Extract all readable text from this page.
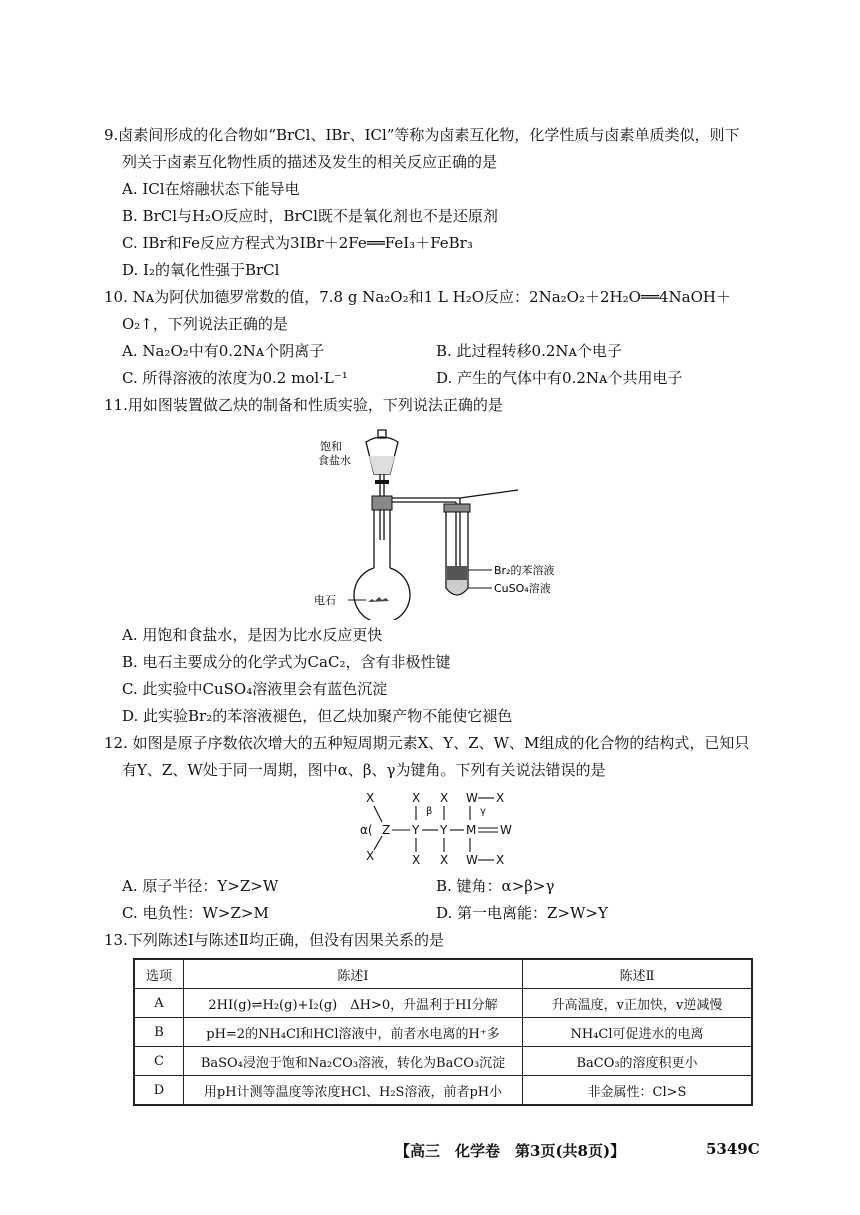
9.卤素间形成的化合物如“BrCl、IBr、ICl”等称为卤素互化物，化学性质与卤素单质类似，则下
列关于卤素互化物性质的描述及发生的相关反应正确的是
A. ICl在熔融状态下能导电
B. BrCl与H₂O反应时，BrCl既不是氧化剂也不是还原剂
C. IBr和Fe反应方程式为3IBr＋2Fe══FeI₃＋FeBr₃
D. I₂的氧化性强于BrCl
10. Nᴀ为阿伏加德罗常数的值，7.8 g Na₂O₂和1 L H₂O反应：2Na₂O₂＋2H₂O══4NaOH＋
O₂↑，下列说法正确的是
A. Na₂O₂中有0.2Nᴀ个阴离子	B. 此过程转移0.2Nᴀ个电子
C. 所得溶液的浓度为0.2 mol·L⁻¹	D. 产生的气体中有0.2Nᴀ个共用电子
11.用如图装置做乙炔的制备和性质实验，下列说法正确的是
饱和
食盐水
电石
Br₂的苯溶液
CuSO₄溶液
A. 用饱和食盐水，是因为比水反应更快
B. 电石主要成分的化学式为CaC₂，含有非极性键
C. 此实验中CuSO₄溶液里会有蓝色沉淀
D. 此实验Br₂的苯溶液褪色，但乙炔加聚产物不能使它褪色
12. 如图是原子序数依次增大的五种短周期元素X、Y、Z、W、M组成的化合物的结构式，已知只
有Y、Z、W处于同一周期，图中α、β、γ为键角。下列有关说法错误的是
X
α( Z
X
X
Y
X
X
Y
X
W
M
W
X
W
X
β	γ
A. 原子半径：Y>Z>W	B. 键角：α>β>γ
C. 电负性：W>Z>M	D. 第一电离能：Z>W>Y
13.下列陈述Ⅰ与陈述Ⅱ均正确，但没有因果关系的是
选项	陈述Ⅰ	陈述Ⅱ
A	2HI(g)⇌H₂(g)+I₂(g)　ΔH>0，升温利于HI分解	升高温度，v正加快，v逆减慢
B	pH=2的NH₄Cl和HCl溶液中，前者水电离的H⁺多	NH₄Cl可促进水的电离
C	BaSO₄浸泡于饱和Na₂CO₃溶液，转化为BaCO₃沉淀	BaCO₃的溶度积更小
D	用pH计测等温度等浓度HCl、H₂S溶液，前者pH小	非金属性：Cl>S
【高三　化学卷　第3页(共8页)】	5349C
